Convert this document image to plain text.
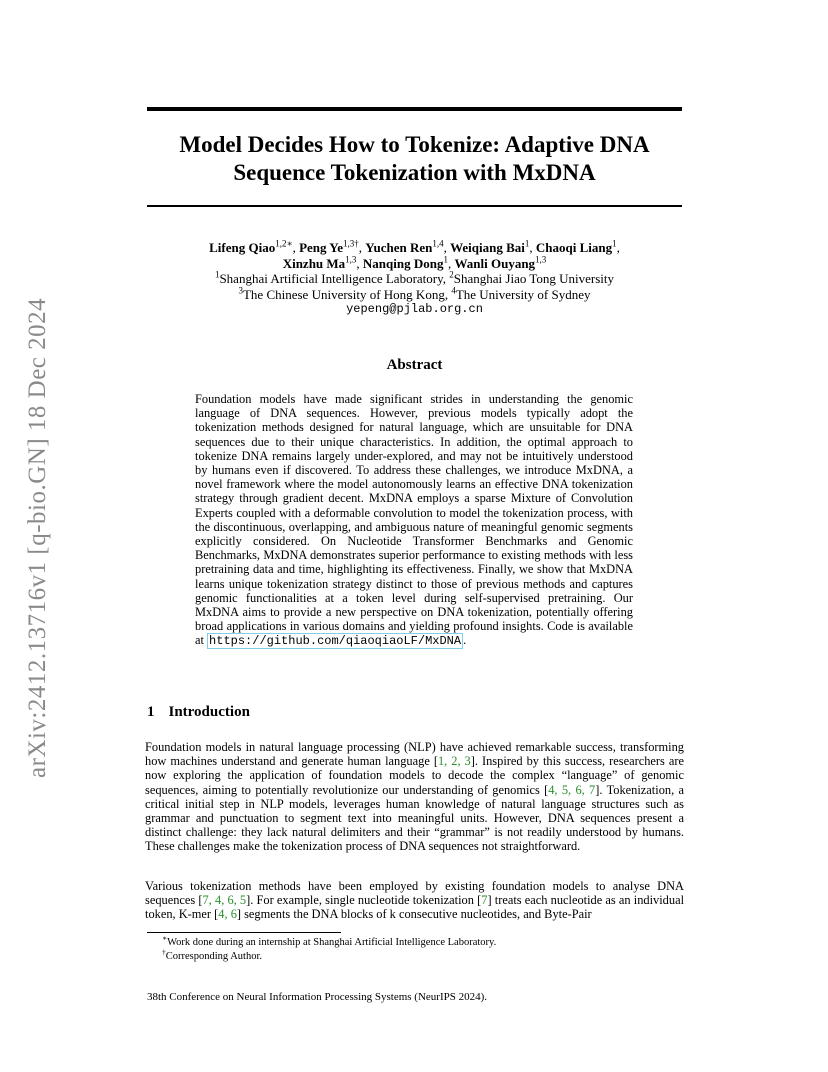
arXiv:2412.13716v1 [q-bio.GN] 18 Dec 2024
Model Decides How to Tokenize: Adaptive DNA
Sequence Tokenization with MxDNA
Lifeng Qiao$^{1,2∗}$, Peng $Ye^{1,3\dagger}$, Yuchen Ren$^{1,4}$, Weiqiang Bai$^1$, Chaoqi Liang$^1$,
Xinzhu Ma$^{1,3}$, Nanqing Dong$^1$, Wanli Ouyang$^{1,3}$
$^1$Shanghai Artificial Intelligence Laboratory, $^2$Shanghai Jiao Tong University
$^3$The Chinese University of Hong Kong, $^4$The University of Sydney
yepeng@pjlab.org.cn
Abstract
Foundation models have made significant strides in understanding the genomic language of DNA sequences. However, previous models typically adopt the tokenization methods designed for natural language, which are unsuitable for DNA sequences due to their unique characteristics. In addition, the optimal approach to tokenize DNA remains largely under-explored, and may not be intuitively understood by humans even if discovered. To address these challenges, we introduce MxDNA, a novel framework where the model autonomously learns an effective DNA tokenization strategy through gradient decent. MxDNA employs a sparse Mixture of Convolution Experts coupled with a deformable convolution to model the tokenization process, with the discontinuous, overlapping, and ambiguous nature of meaningful genomic segments explicitly considered. On Nucleotide Transformer Benchmarks and Genomic Benchmarks, MxDNA demonstrates superior performance to existing methods with less pretraining data and time, highlighting its effectiveness. Finally, we show that MxDNA learns unique tokenization strategy distinct to those of previous methods and captures genomic functionalities at a token level during self-supervised pretraining. Our MxDNA aims to provide a new perspective on DNA tokenization, potentially offering broad applications in various domains and yielding profound insights. Code is available at https://github.com/qiaoqiaoLF/MxDNA .
1 Introduction
Foundation models in natural language processing (NLP) have achieved remarkable success, transforming how machines understand and generate human language [1, 2, 3]. Inspired by this success, researchers are now exploring the application of foundation models to decode the complex “language” of genomic sequences, aiming to potentially revolutionize our understanding of genomics [4, 5, 6, 7]. Tokenization, a critical initial step in NLP models, leverages human knowledge of natural language structures such as grammar and punctuation to segment text into meaningful units. However, DNA sequences present a distinct challenge: they lack natural delimiters and their “grammar” is not readily understood by humans. These challenges make the tokenization process of DNA sequences not straightforward.
Various tokenization methods have been employed by existing foundation models to analyse DNA sequences [7, 4, 6, 5]. For example, single nucleotide tokenization [7] treats each nucleotide as an individual token, K-mer [4, 6] segments the DNA blocks of k consecutive nucleotides, and Byte-Pair
∗Work done during an internship at Shanghai Artificial Intelligence Laboratory.
†Corresponding Author.
38th Conference on Neural Information Processing Systems (NeurIPS 2024).
